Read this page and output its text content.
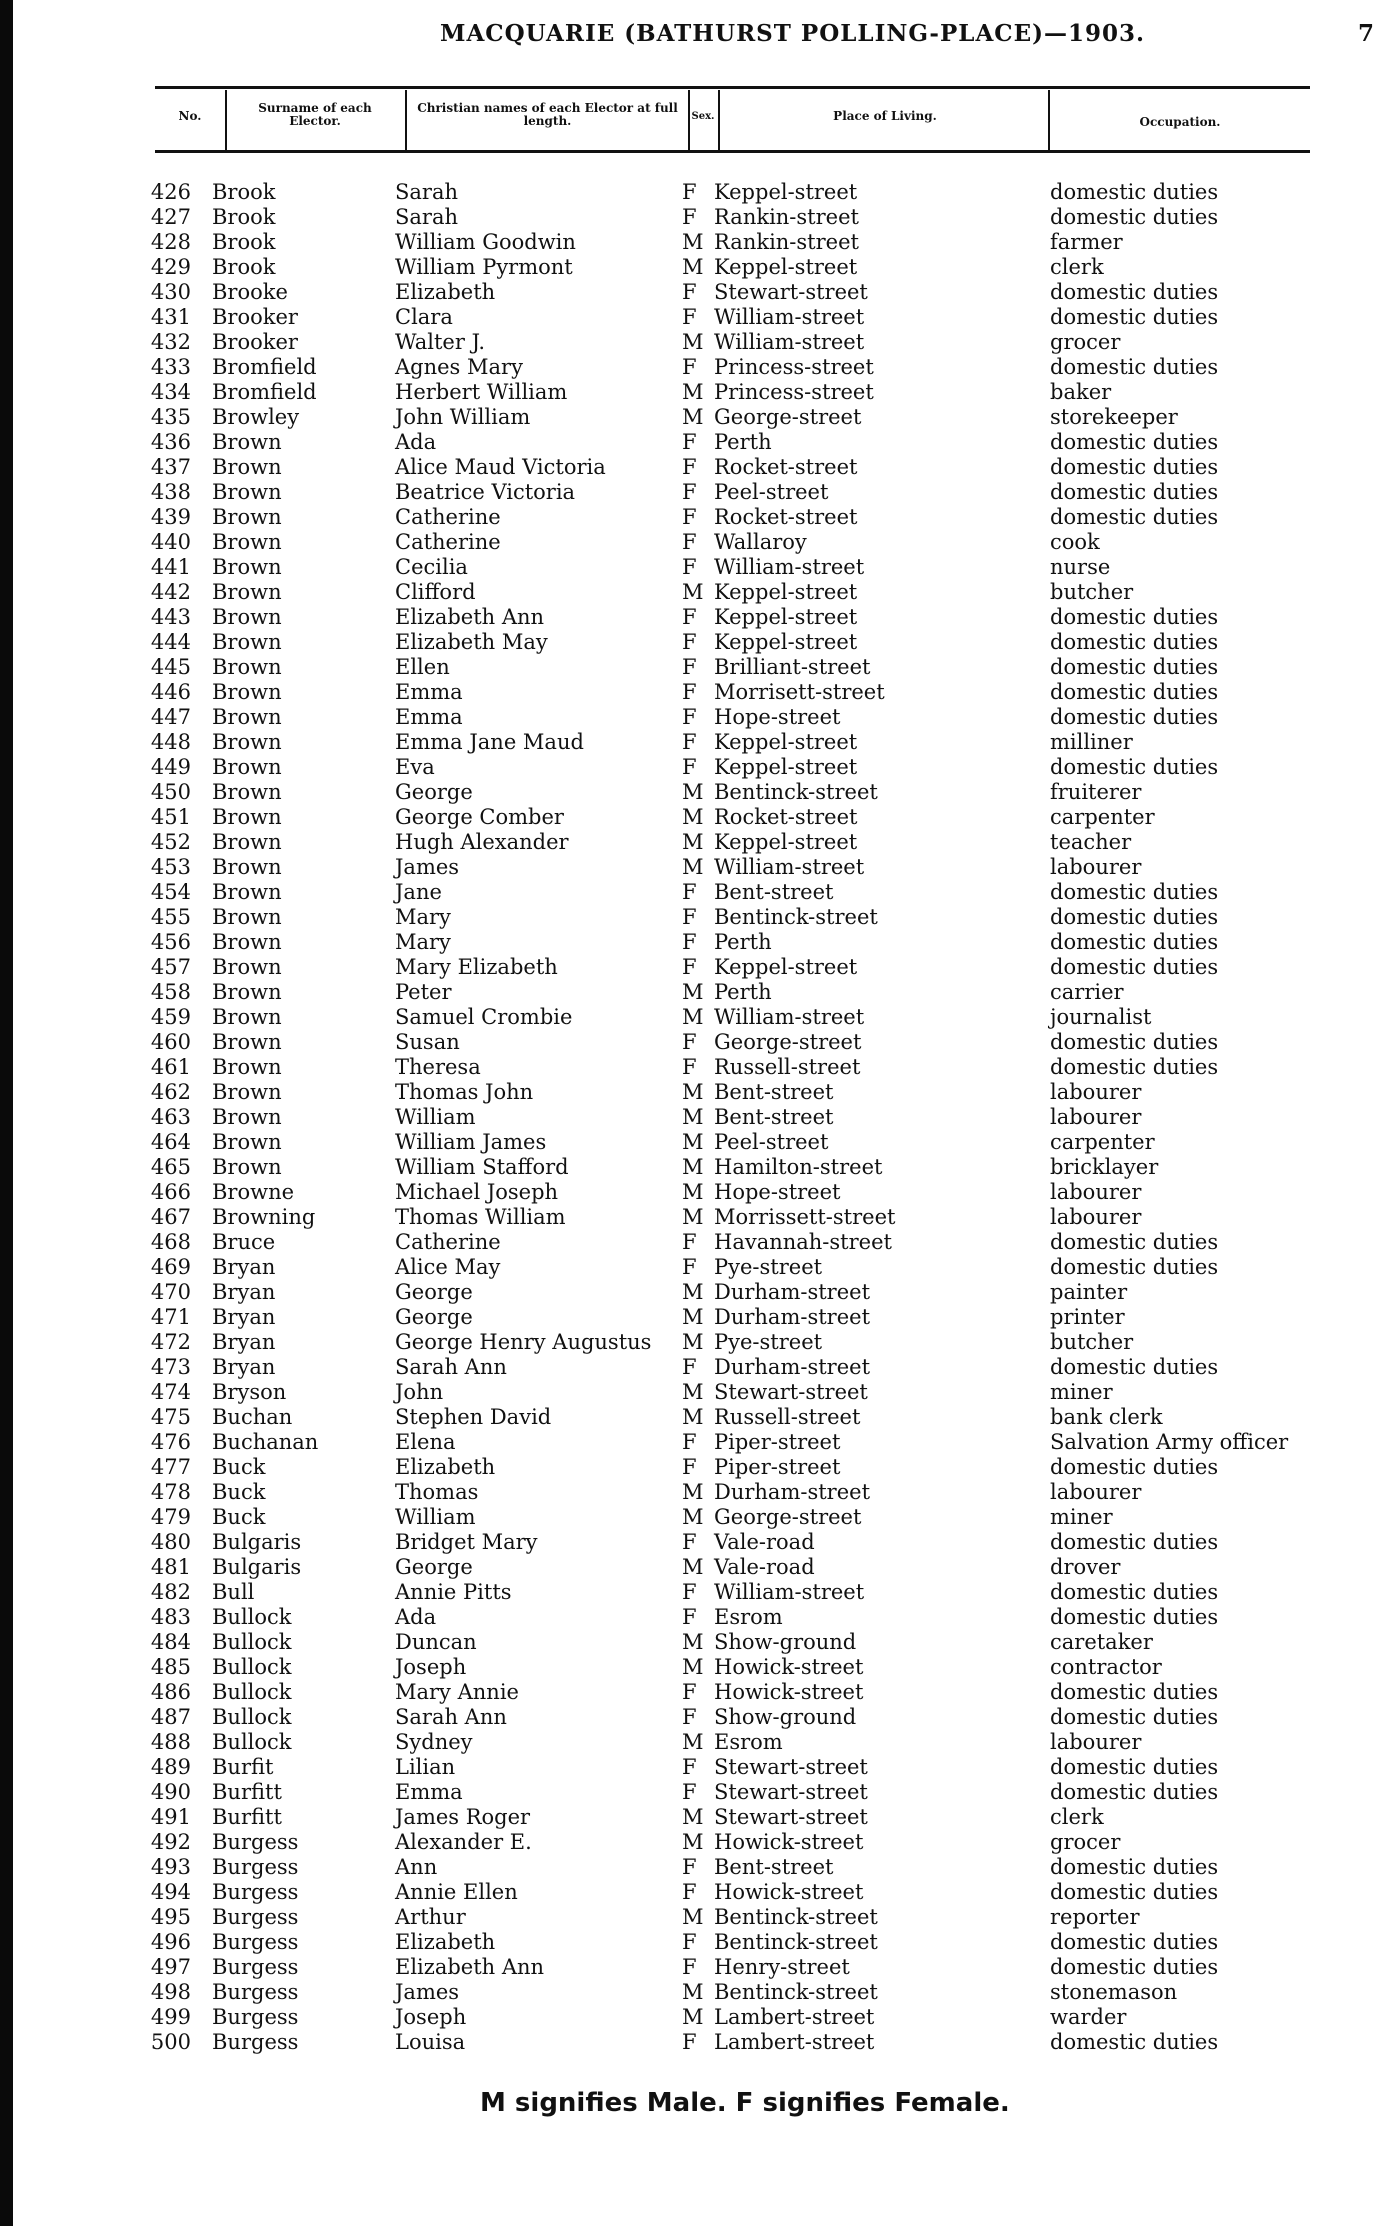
MACQUARIE (BATHURST POLLING-PLACE)—1903.	7
No.
Surname of each Elector.
Christian names of each Elector at full length.	Sex.	Place of Living.	Occupation.
426 Brook	Sarah	F Keppel-street	domestic duties
427 Brook	Sarah	F Rankin-street	domestic duties
428 Brook	William Goodwin	M Rankin-street	farmer
429 Brook	William Pyrmont	M Keppel-street	clerk
430 Brooke	Elizabeth	F Stewart-street	domestic duties
431 Brooker	Clara	F William-street	domestic duties
432 Brooker	Walter J.	M William-street	grocer
433 Bromfield	Agnes Mary	F Princess-street	domestic duties
434 Bromfield	Herbert William	M Princess-street	baker
435 Browley	John William	M George-street	storekeeper
436 Brown	Ada	F Perth	domestic duties
437 Brown	Alice Maud Victoria	F Rocket-street	domestic duties
438 Brown	Beatrice Victoria	F Peel-street	domestic duties
439 Brown	Catherine	F Rocket-street	domestic duties
440 Brown	Catherine	F Wallaroy	cook
441 Brown	Cecilia	F William-street	nurse
442 Brown	Clifford	M Keppel-street	butcher
443 Brown	Elizabeth Ann	F Keppel-street	domestic duties
444 Brown	Elizabeth May	F Keppel-street	domestic duties
445 Brown	Ellen	F Brilliant-street	domestic duties
446 Brown	Emma	F Morrisett-street	domestic duties
447 Brown	Emma	F Hope-street	domestic duties
448 Brown	Emma Jane Maud	F Keppel-street	milliner
449 Brown	Eva	F Keppel-street	domestic duties
450 Brown	George	M Bentinck-street	fruiterer
451 Brown	George Comber	M Rocket-street	carpenter
452 Brown	Hugh Alexander	M Keppel-street	teacher
453 Brown	James	M William-street	labourer
454 Brown	Jane	F Bent-street	domestic duties
455 Brown	Mary	F Bentinck-street	domestic duties
456 Brown	Mary	F Perth	domestic duties
457 Brown	Mary Elizabeth	F Keppel-street	domestic duties
458 Brown	Peter	M Perth	carrier
459 Brown	Samuel Crombie	M William-street	journalist
460 Brown	Susan	F George-street	domestic duties
461 Brown	Theresa	F Russell-street	domestic duties
462 Brown	Thomas John	M Bent-street	labourer
463 Brown	William	M Bent-street	labourer
464 Brown	William James	M Peel-street	carpenter
465 Brown	William Stafford	M Hamilton-street	bricklayer
466 Browne	Michael Joseph	M Hope-street	labourer
467 Browning	Thomas William	M Morrissett-street	labourer
468 Bruce	Catherine	F Havannah-street	domestic duties
469 Bryan	Alice May	F Pye-street	domestic duties
470 Bryan	George	M Durham-street	painter
471 Bryan	George	M Durham-street	printer
472 Bryan	George Henry Augustus M Pye-street	butcher
473 Bryan	Sarah Ann	F Durham-street	domestic duties
474 Bryson	John	M Stewart-street	miner
475 Buchan	Stephen David	M Russell-street	bank clerk
476 Buchanan	Elena	F Piper-street	Salvation Army officer
477 Buck	Elizabeth	F Piper-street	domestic duties
478 Buck	Thomas	M Durham-street	labourer
479 Buck	William	M George-street	miner
480 Bulgaris	Bridget Mary	F Vale-road	domestic duties
481 Bulgaris	George	M Vale-road	drover
482 Bull	Annie Pitts	F William-street	domestic duties
483 Bullock	Ada	F Esrom	domestic duties
484 Bullock	Duncan	M Show-ground	caretaker
485 Bullock	Joseph	M Howick-street	contractor
486 Bullock	Mary Annie	F Howick-street	domestic duties
487 Bullock	Sarah Ann	F Show-ground	domestic duties
488 Bullock	Sydney	M Esrom	labourer
489 Burfit	Lilian	F Stewart-street	domestic duties
490 Burfitt	Emma	F Stewart-street	domestic duties
491 Burfitt	James Roger	M Stewart-street	clerk
492 Burgess	Alexander E.	M Howick-street	grocer
493 Burgess	Ann	F Bent-street	domestic duties
494 Burgess	Annie Ellen	F Howick-street	domestic duties
495 Burgess	Arthur	M Bentinck-street	reporter
496 Burgess	Elizabeth	F Bentinck-street	domestic duties
497 Burgess	Elizabeth Ann	F Henry-street	domestic duties
498 Burgess	James	M Bentinck-street	stonemason
499 Burgess	Joseph	M Lambert-street	warder
500 Burgess	Louisa	F Lambert-street	domestic duties
M signifies Male. F signifies Female.
